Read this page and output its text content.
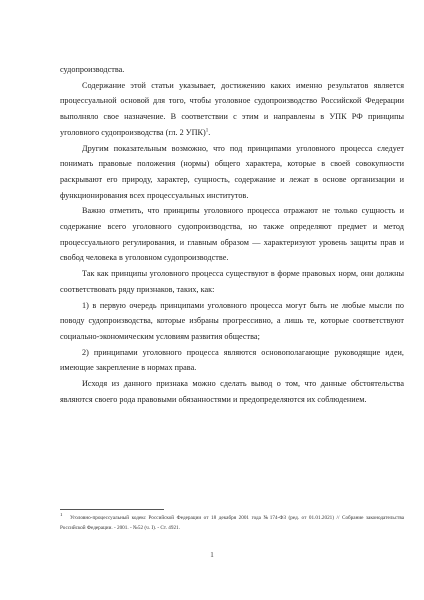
судопроизводства.

Содержание этой статьи указывает, достижению каких именно результатов является процессуальной основой для того, чтобы уголовное судопроизводство Российской Федерации выполняло свое назначение. В соответствии с этим и направлены в УПК РФ принципы уголовного судопроизводства (гл. 2 УПК)$^1$.

Другим показательным возможно, что под принципами уголовного процесса следует понимать правовые положения (нормы) общего характера, которые в своей совокупности раскрывают его природу, характер, сущность, содержание и лежат в основе организации и функционирования всех процессуальных институтов.

Важно отметить, что принципы уголовного процесса отражают не только сущность и содержание всего уголовного судопроизводства, но также определяют предмет и метод процессуального регулирования, и главным образом — характеризуют уровень защиты прав и свобод человека в уголовном судопроизводстве.

Так как принципы уголовного процесса существуют в форме правовых норм, они должны соответствовать ряду признаков, таких, как:

1) в первую очередь принципами уголовного процесса могут быть не любые мысли по поводу судопроизводства, которые избраны прогрессивно, а лишь те, которые соответствуют социально-экономическим условиям развития общества;

2) принципами уголовного процесса являются основополагающие руководящие идеи, имеющие закрепление в нормах права.

Исходя из данного признака можно сделать вывод о том, что данные обстоятельства являются своего рода правовыми обязанностями и предопределяются их соблюдением.

1 Уголовно-процессуальный кодекс Российской Федерации от 18 декабря 2001 года №174-ФЗ (ред. от 01.01.2021) // Собрание законодательства Российской Федерации. - 2001. - №52 (ч. I). - Ст. 4921.
1
